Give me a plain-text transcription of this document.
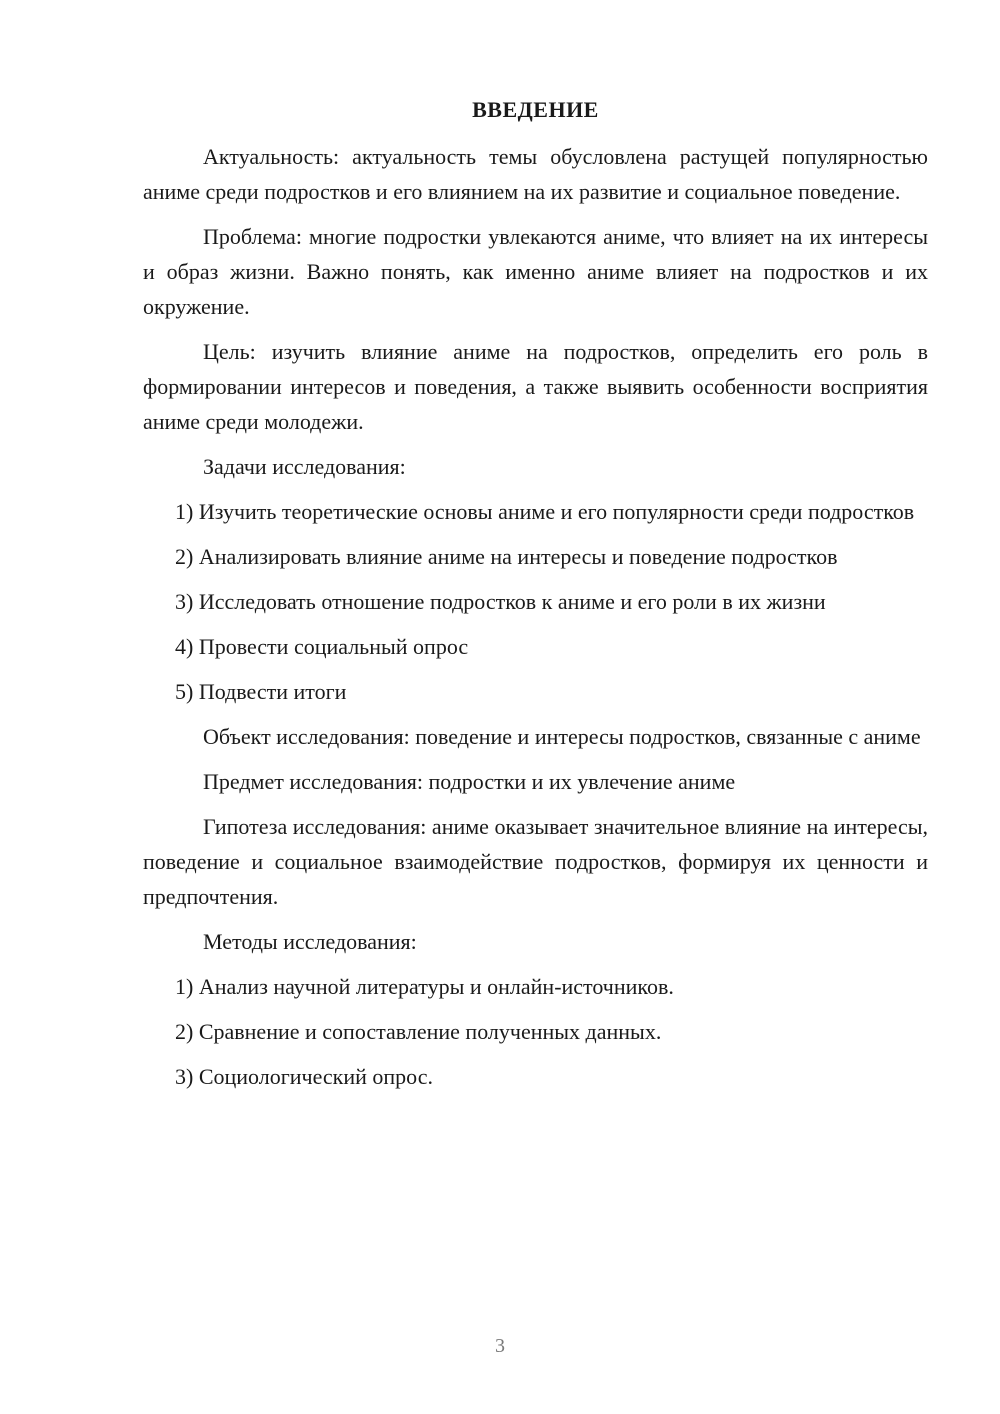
ВВЕДЕНИЕ

Актуальность: актуальность темы обусловлена растущей популярностью аниме среди подростков и его влиянием на их развитие и социальное поведение.

Проблема: многие подростки увлекаются аниме, что влияет на их интересы и образ жизни. Важно понять, как именно аниме влияет на подростков и их окружение.

Цель: изучить влияние аниме на подростков, определить его роль в формировании интересов и поведения, а также выявить особенности восприятия аниме среди молодежи.

Задачи исследования:

1) Изучить теоретические основы аниме и его популярности среди подростков

2) Анализировать влияние аниме на интересы и поведение подростков

3) Исследовать отношение подростков к аниме и его роли в их жизни

4) Провести социальный опрос

5) Подвести итоги

Объект исследования: поведение и интересы подростков, связанные с аниме

Предмет исследования: подростки и их увлечение аниме

Гипотеза исследования: аниме оказывает значительное влияние на интересы, поведение и социальное взаимодействие подростков, формируя их ценности и предпочтения.

Методы исследования:

1) Анализ научной литературы и онлайн-источников.

2) Сравнение и сопоставление полученных данных.

3) Социологический опрос.

3
